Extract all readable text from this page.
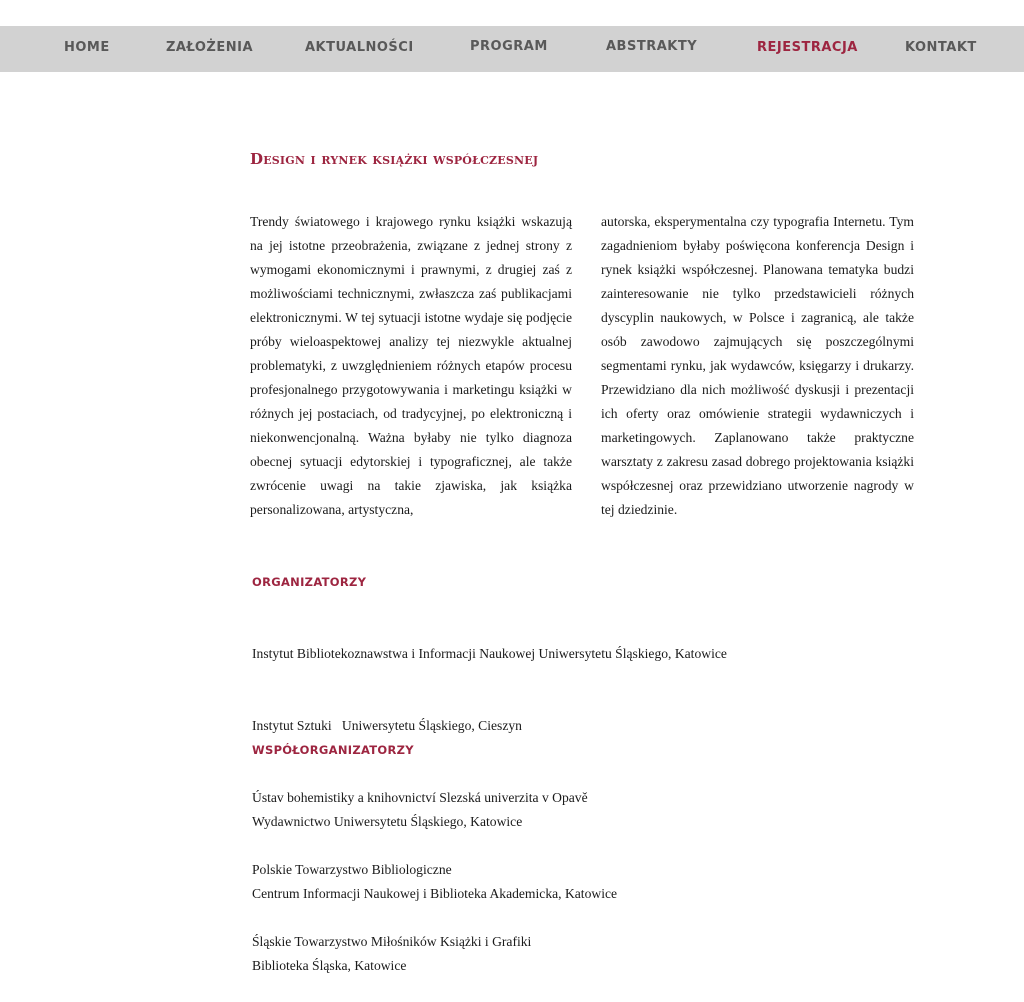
HOME	ZAŁOŻENIA	AKTUALNOŚCI	PROGRAM	ABSTRAKTY	REJESTRACJA	KONTAKT
Design i rynek książki współczesnej

Trendy światowego i krajowego rynku książki wskazują na jej istotne przeobrażenia, związane z jednej strony z wymogami ekonomicznymi i prawnymi, z drugiej zaś z możliwościami technicznymi, zwłaszcza zaś publikacjami elektronicznymi. W tej sytuacji istotne wydaje się podjęcie próby wieloaspektowej analizy tej niezwykle aktualnej problematyki, z uwzględnieniem różnych etapów procesu profesjonalnego przygotowywania i marketingu książki w różnych jej postaciach, od tradycyjnej, po elektroniczną i niekonwencjonalną. Ważna byłaby nie tylko diagnoza obecnej sytuacji edytorskiej i typograficznej, ale także zwrócenie uwagi na takie zjawiska, jak książka personalizowana, artystyczna,

autorska, eksperymentalna czy typografia Internetu. Tym zagadnieniom byłaby poświęcona konferencja Design i rynek książki współczesnej. Planowana tematyka budzi zainteresowanie nie tylko przedstawicieli różnych dyscyplin naukowych, w Polsce i zagranicą, ale także osób zawodowo zajmujących się poszczególnymi segmentami rynku, jak wydawców, księgarzy i drukarzy. Przewidziano dla nich możliwość dyskusji i prezentacji ich oferty oraz omówienie strategii wydawniczych i marketingowych. Zaplanowano także praktyczne warsztaty z zakresu zasad dobrego projektowania książki współczesnej oraz przewidziano utworzenie nagrody w tej dziedzinie.

ORGANIZATORZY

Instytut Bibliotekoznawstwa i Informacji Naukowej Uniwersytetu Śląskiego, Katowice

Instytut Sztuki   Uniwersytetu Śląskiego, Cieszyn

Ústav bohemistiky a knihovnictví Slezská univerzita v Opavě

Polskie Towarzystwo Bibliologiczne

Śląskie Towarzystwo Miłośników Książki i Grafiki

WSPÓŁORGANIZATORZY

Wydawnictwo Uniwersytetu Śląskiego, Katowice

Centrum Informacji Naukowej i Biblioteka Akademicka, Katowice

Biblioteka Śląska, Katowice
